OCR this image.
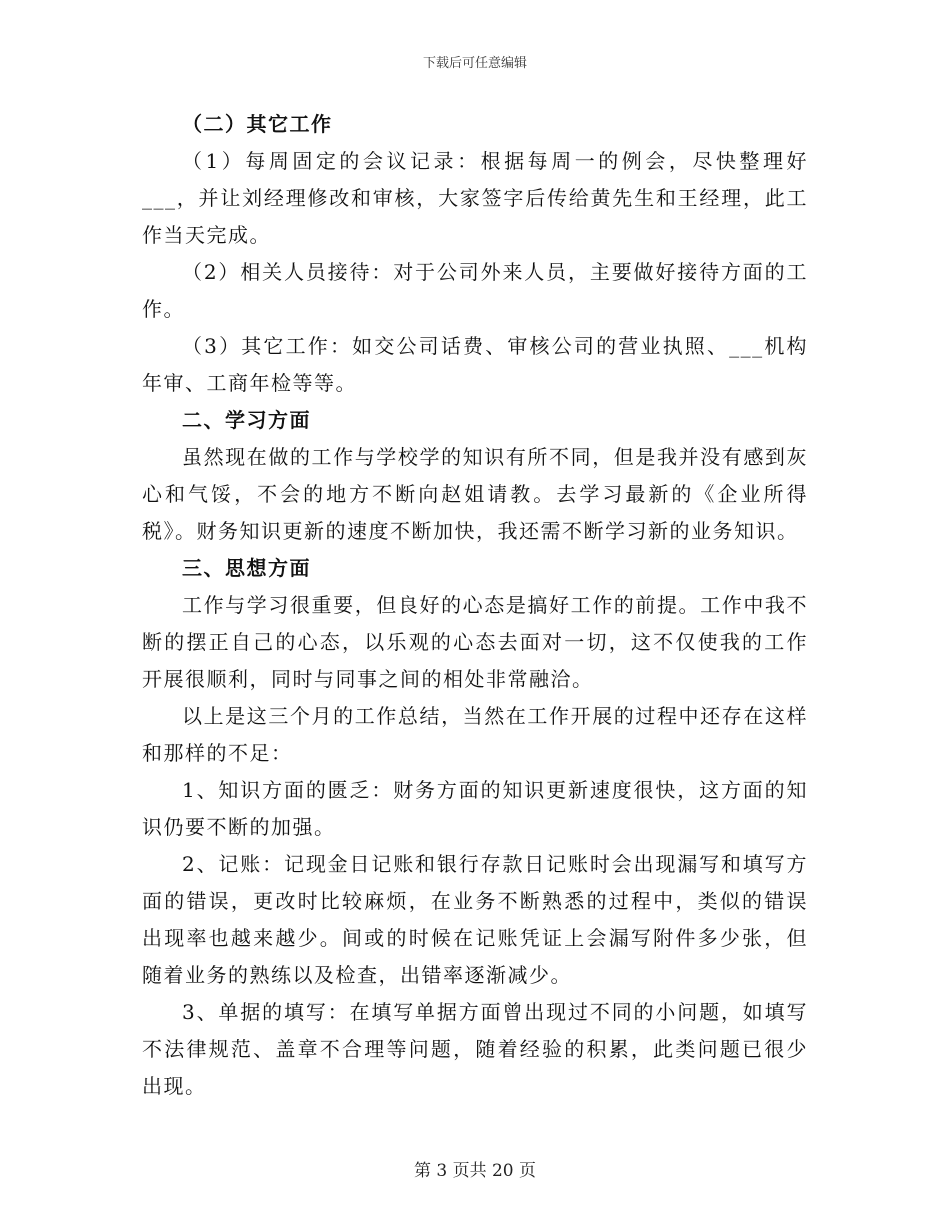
下载后可任意编辑

（二）其它工作

（1）每周固定的会议记录：根据每周一的例会，尽快整理好___，并让刘经理修改和审核，大家签字后传给黄先生和王经理，此工作当天完成。

（2）相关人员接待：对于公司外来人员，主要做好接待方面的工作。

（3）其它工作：如交公司话费、审核公司的营业执照、___机构年审、工商年检等等。

二、学习方面

虽然现在做的工作与学校学的知识有所不同，但是我并没有感到灰心和气馁，不会的地方不断向赵姐请教。去学习最新的《企业所得税》。财务知识更新的速度不断加快，我还需不断学习新的业务知识。

三、思想方面

工作与学习很重要，但良好的心态是搞好工作的前提。工作中我不断的摆正自己的心态，以乐观的心态去面对一切，这不仅使我的工作开展很顺利，同时与同事之间的相处非常融洽。

以上是这三个月的工作总结，当然在工作开展的过程中还存在这样和那样的不足：

1、知识方面的匮乏：财务方面的知识更新速度很快，这方面的知识仍要不断的加强。

2、记账：记现金日记账和银行存款日记账时会出现漏写和填写方面的错误，更改时比较麻烦，在业务不断熟悉的过程中，类似的错误出现率也越来越少。间或的时候在记账凭证上会漏写附件多少张，但随着业务的熟练以及检查，出错率逐渐减少。

3、单据的填写：在填写单据方面曾出现过不同的小问题，如填写不法律规范、盖章不合理等问题，随着经验的积累，此类问题已很少出现。

第 3 页共 20 页
